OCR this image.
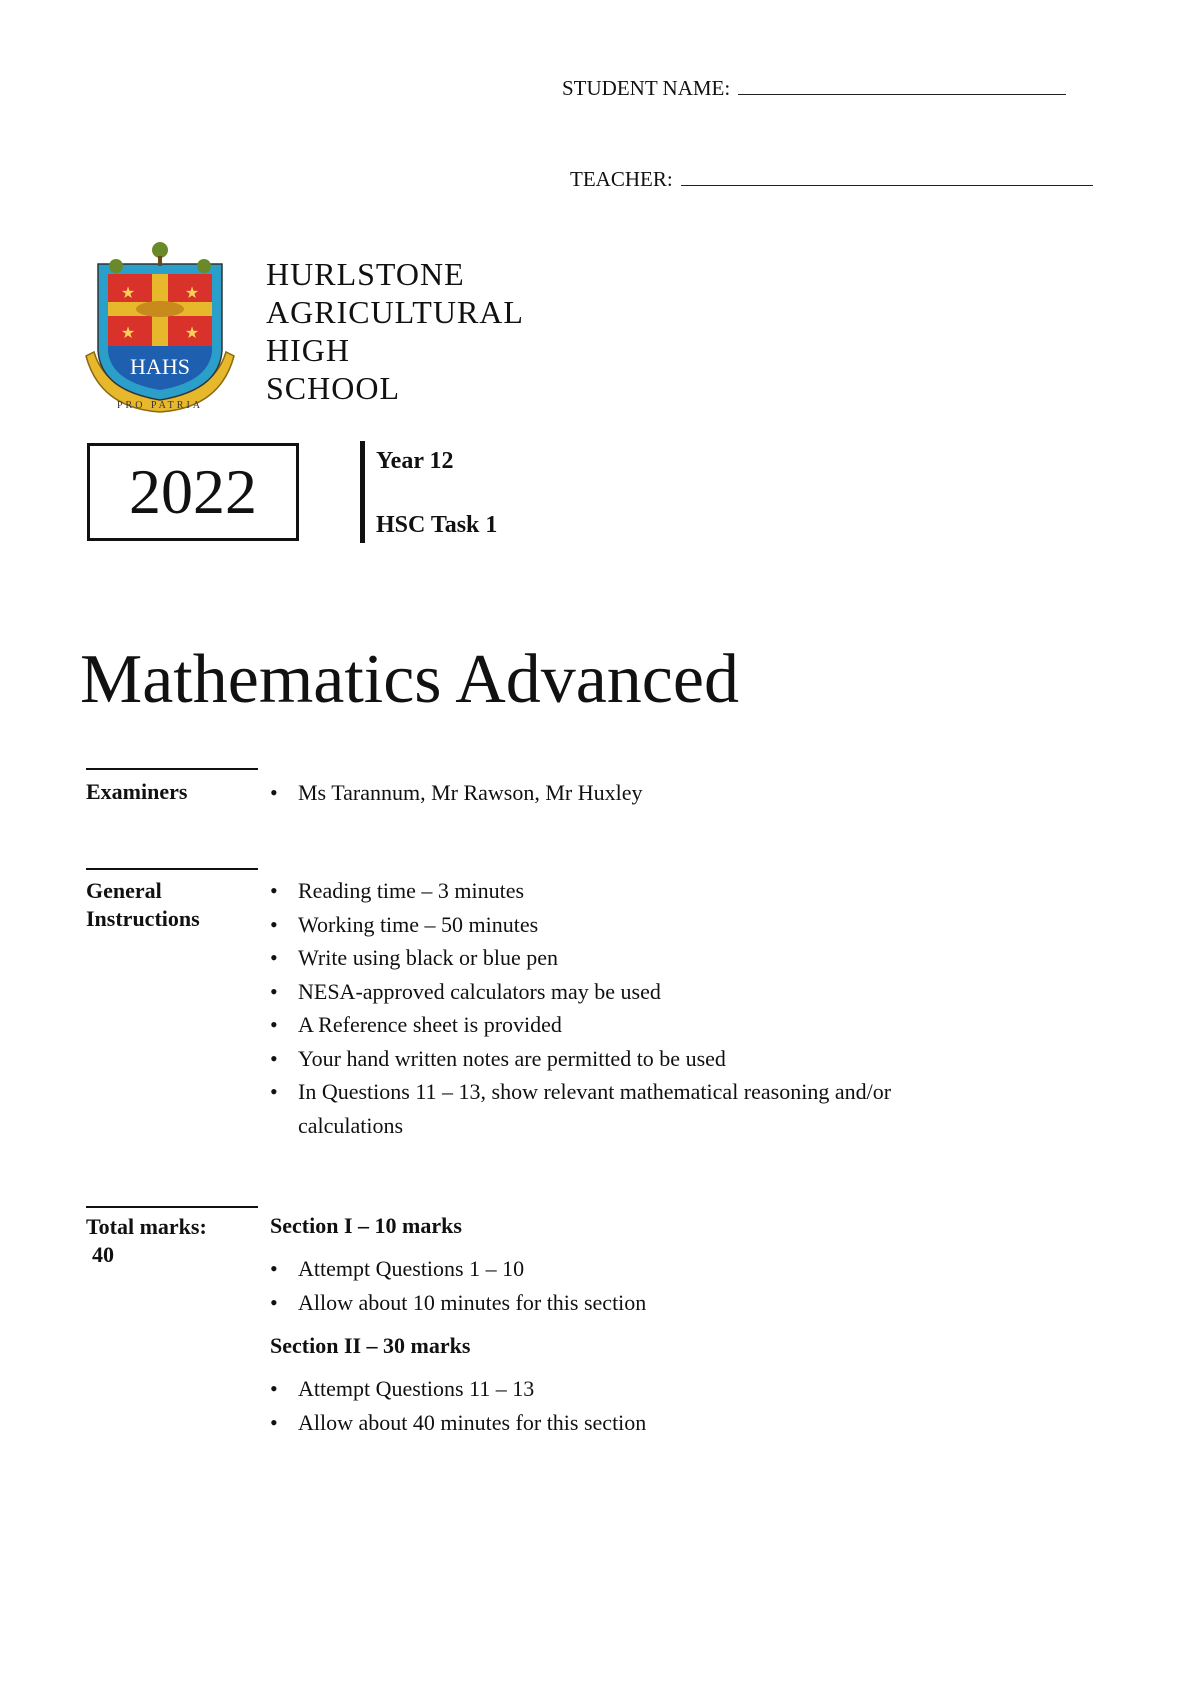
STUDENT NAME:
TEACHER:
★	★
★	★
HAHS
PRO PATRIA
HURLSTONE
AGRICULTURAL
HIGH
SCHOOL
2022	Year 12
HSC Task 1
Mathematics Advanced
Examiners
•	Ms Tarannum, Mr Rawson, Mr Huxley
General
Instructions
• Reading time – 3 minutes
• Working time – 50 minutes
• Write using black or blue pen
• NESA-approved calculators may be used
• A Reference sheet is provided
• Your hand written notes are permitted to be used
• In Questions 11 – 13, show relevant mathematical reasoning and/or calculations
Total marks:
40
Section I – 10 marks
• Attempt Questions 1 – 10
• Allow about 10 minutes for this section
Section II – 30 marks
• Attempt Questions 11 – 13
• Allow about 40 minutes for this section
